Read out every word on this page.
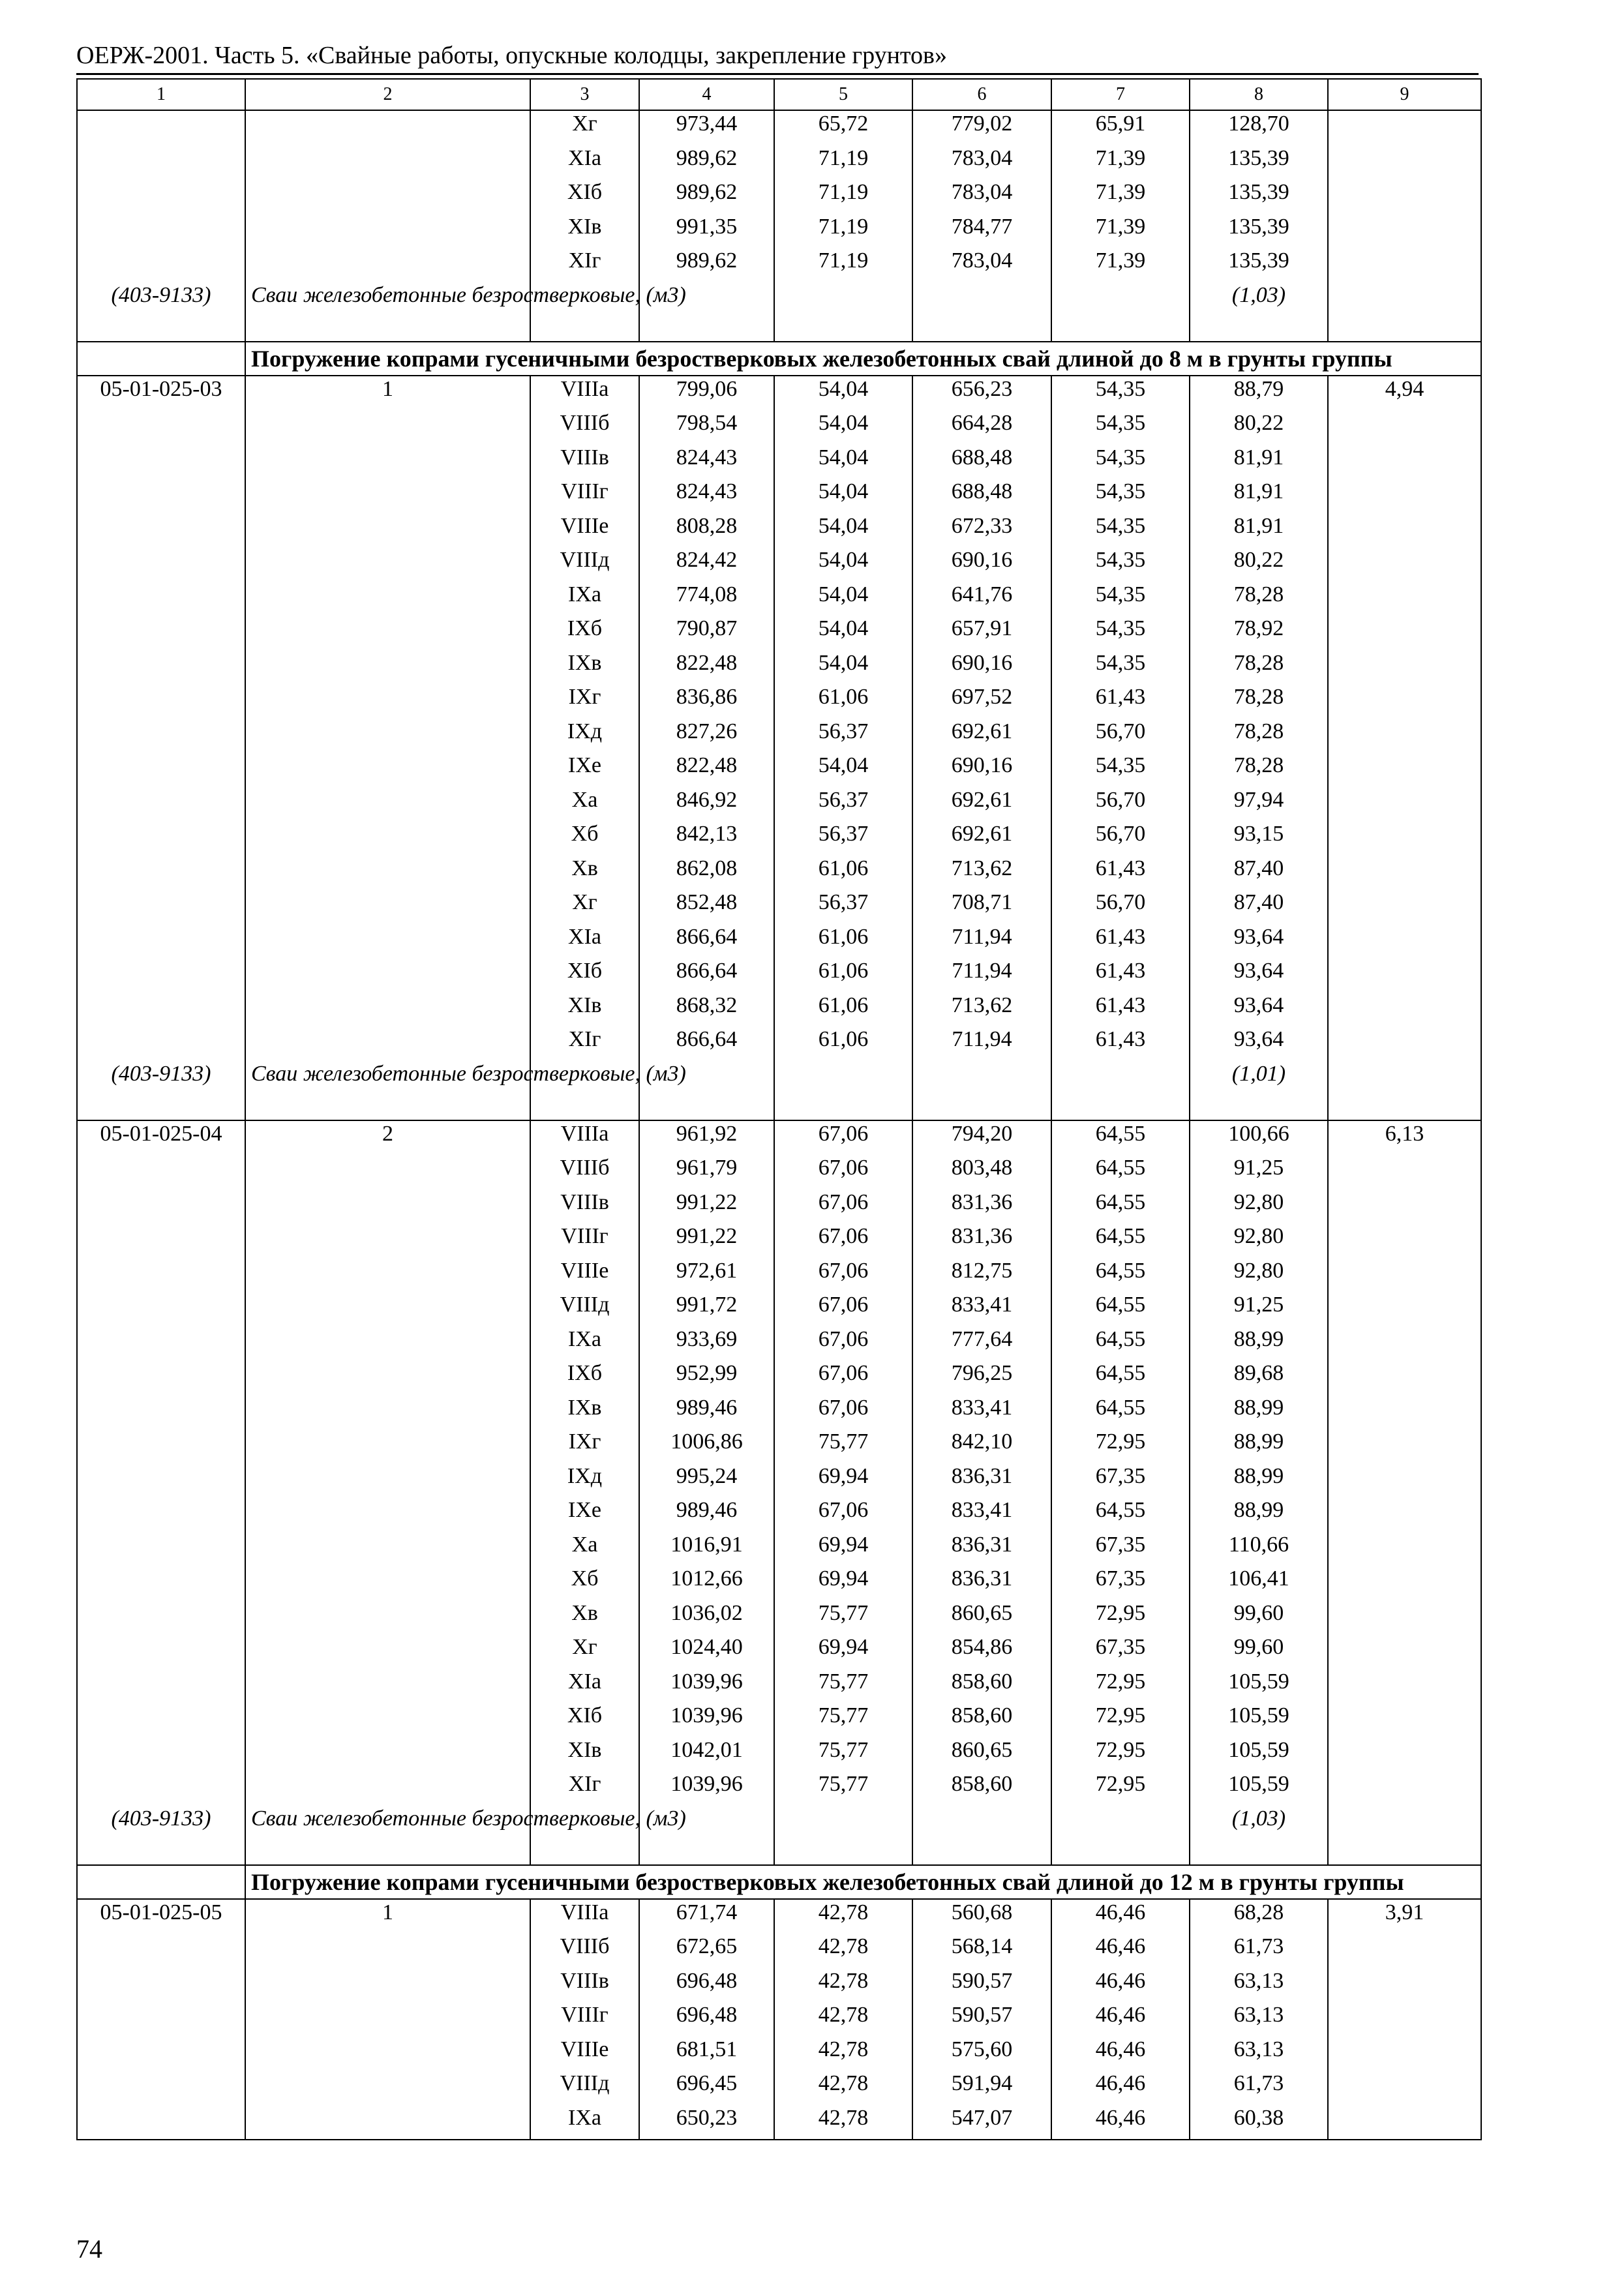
ОЕРЖ-2001. Часть 5. «Свайные работы, опускные колодцы, закрепление грунтов»
1	2	3	4	5	6	7	8	9
		Xг	973,44	65,72	779,02	65,91	128,70	
		XIа	989,62	71,19	783,04	71,39	135,39	
		XIб	989,62	71,19	783,04	71,39	135,39	
		XIв	991,35	71,19	784,77	71,39	135,39	
		XIг	989,62	71,19	783,04	71,39	135,39	
(403-9133)	Сваи железобетонные безростверковые, (м3)						(1,03)	
	Погружение копрами гусеничными безростверковых железобетонных свай длиной до 8 м в грунты группы							
05-01-025-03	1	VIIIа	799,06	54,04	656,23	54,35	88,79	4,94
		VIIIб	798,54	54,04	664,28	54,35	80,22	
		VIIIв	824,43	54,04	688,48	54,35	81,91	
		VIIIг	824,43	54,04	688,48	54,35	81,91	
		VIIIе	808,28	54,04	672,33	54,35	81,91	
		VIIIд	824,42	54,04	690,16	54,35	80,22	
		IXа	774,08	54,04	641,76	54,35	78,28	
		IXб	790,87	54,04	657,91	54,35	78,92	
		IXв	822,48	54,04	690,16	54,35	78,28	
		IXг	836,86	61,06	697,52	61,43	78,28	
		IXд	827,26	56,37	692,61	56,70	78,28	
		IXе	822,48	54,04	690,16	54,35	78,28	
		Xа	846,92	56,37	692,61	56,70	97,94	
		Xб	842,13	56,37	692,61	56,70	93,15	
		Xв	862,08	61,06	713,62	61,43	87,40	
		Xг	852,48	56,37	708,71	56,70	87,40	
		XIа	866,64	61,06	711,94	61,43	93,64	
		XIб	866,64	61,06	711,94	61,43	93,64	
		XIв	868,32	61,06	713,62	61,43	93,64	
		XIг	866,64	61,06	711,94	61,43	93,64	
(403-9133)	Сваи железобетонные безростверковые, (м3)						(1,01)	
05-01-025-04	2	VIIIа	961,92	67,06	794,20	64,55	100,66	6,13
		VIIIб	961,79	67,06	803,48	64,55	91,25	
		VIIIв	991,22	67,06	831,36	64,55	92,80	
		VIIIг	991,22	67,06	831,36	64,55	92,80	
		VIIIе	972,61	67,06	812,75	64,55	92,80	
		VIIIд	991,72	67,06	833,41	64,55	91,25	
		IXа	933,69	67,06	777,64	64,55	88,99	
		IXб	952,99	67,06	796,25	64,55	89,68	
		IXв	989,46	67,06	833,41	64,55	88,99	
		IXг	1006,86	75,77	842,10	72,95	88,99	
		IXд	995,24	69,94	836,31	67,35	88,99	
		IXе	989,46	67,06	833,41	64,55	88,99	
		Xа	1016,91	69,94	836,31	67,35	110,66	
		Xб	1012,66	69,94	836,31	67,35	106,41	
		Xв	1036,02	75,77	860,65	72,95	99,60	
		Xг	1024,40	69,94	854,86	67,35	99,60	
		XIа	1039,96	75,77	858,60	72,95	105,59	
		XIб	1039,96	75,77	858,60	72,95	105,59	
		XIв	1042,01	75,77	860,65	72,95	105,59	
		XIг	1039,96	75,77	858,60	72,95	105,59	
(403-9133)	Сваи железобетонные безростверковые, (м3)						(1,03)	
	Погружение копрами гусеничными безростверковых железобетонных свай длиной до 12 м в грунты группы							
05-01-025-05	1	VIIIа	671,74	42,78	560,68	46,46	68,28	3,91
		VIIIб	672,65	42,78	568,14	46,46	61,73	
		VIIIв	696,48	42,78	590,57	46,46	63,13	
		VIIIг	696,48	42,78	590,57	46,46	63,13	
		VIIIе	681,51	42,78	575,60	46,46	63,13	
		VIIIд	696,45	42,78	591,94	46,46	61,73	
		IXа	650,23	42,78	547,07	46,46	60,38	
74
